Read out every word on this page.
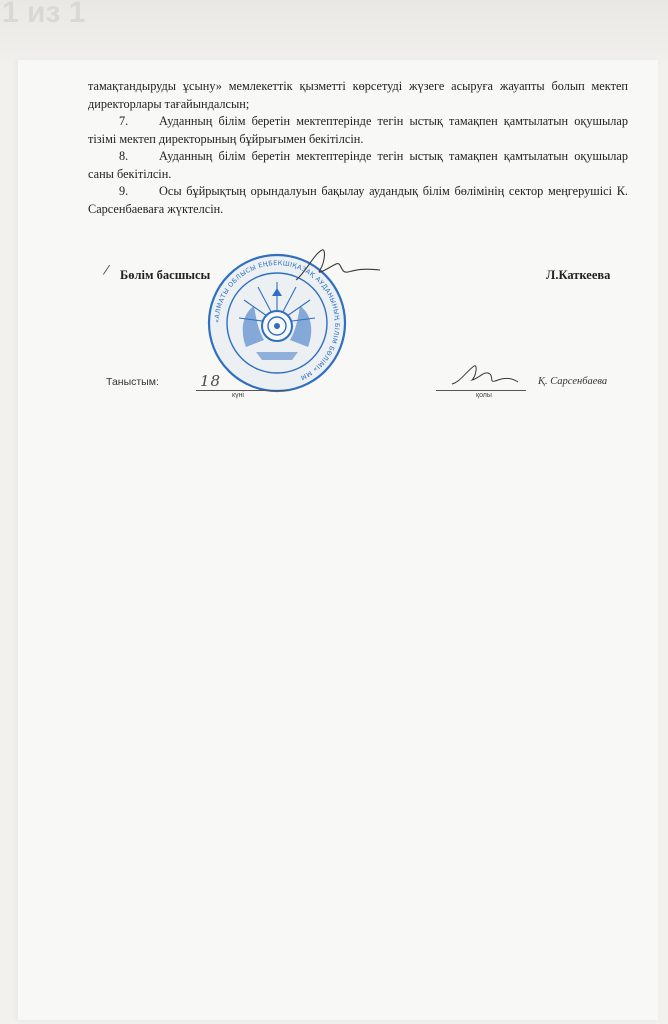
1 из 1

тамақтандыруды ұсыну» мемлекеттік қызметті көрсетуді жүзеге асыруға жауапты болып мектеп директорлары тағайындалсын;

7.	Ауданның білім беретін мектептерінде тегін ыстық тамақпен қамтылатын оқушылар тізімі мектеп директорының бұйрығымен бекітілсін.

8.	Ауданның білім беретін мектептерінде тегін ыстық тамақпен қамтылатын оқушылар саны бекітілсін.

9.	Осы бұйрықтың орындалуын бақылау аудандық білім бөлімінің сектор меңгерушісі К. Сарсенбаеваға жүктелсін.

/ Бөлім басшысы	Л.Каткеева
«АЛМАТЫ ОБЛЫСЫ ЕҢБЕКШІҚАЗАҚ АУДАНЫНЫҢ БІЛІМ БӨЛІМІ» ММ
Таныстым:	18
күні	қолы
Қ. Сарсенбаева
